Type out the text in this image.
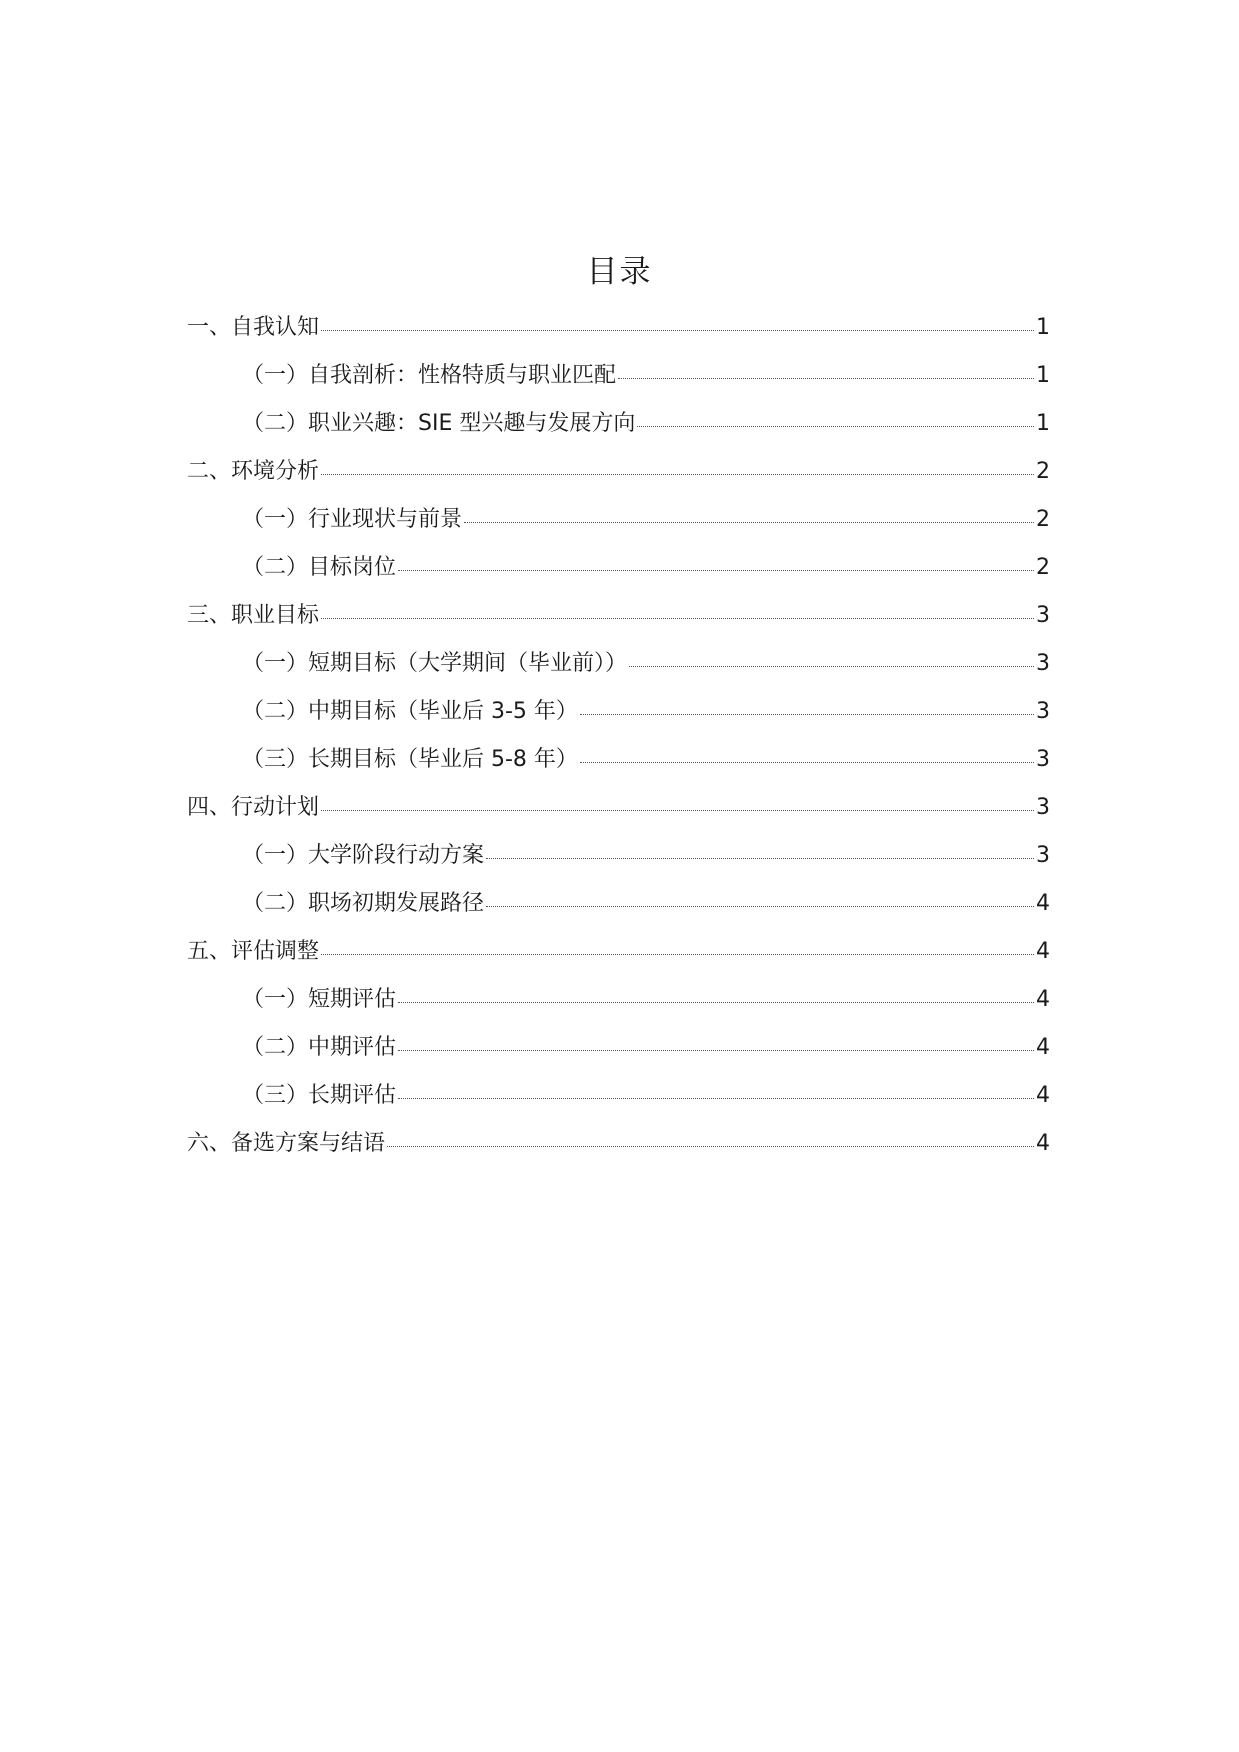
目录
一、自我认知	1
（一）自我剖析：性格特质与职业匹配	1
（二）职业兴趣：SIE 型兴趣与发展方向	1
二、环境分析	2
（一）行业现状与前景	2
（二）目标岗位	2
三、职业目标	3
（一）短期目标（大学期间（毕业前））	3
（二）中期目标（毕业后 3-5 年）	3
（三）长期目标（毕业后 5-8 年）	3
四、行动计划	3
（一）大学阶段行动方案	3
（二）职场初期发展路径	4
五、评估调整	4
（一）短期评估	4
（二）中期评估	4
（三）长期评估	4
六、备选方案与结语	4
